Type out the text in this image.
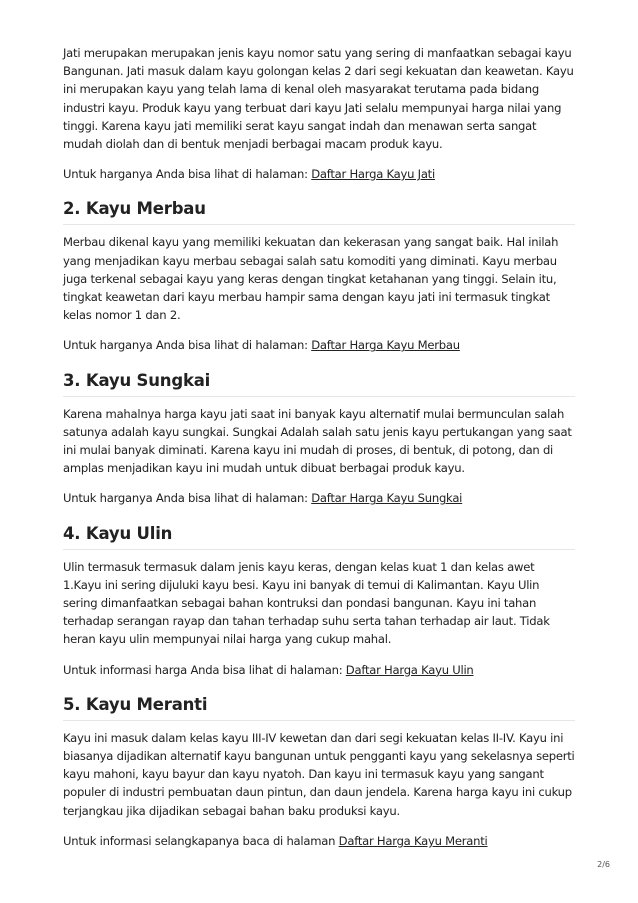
Jati merupakan merupakan jenis kayu nomor satu yang sering di manfaatkan sebagai kayu Bangunan. Jati masuk dalam kayu golongan kelas 2 dari segi kekuatan dan keawetan. Kayu ini merupakan kayu yang telah lama di kenal oleh masyarakat terutama pada bidang industri kayu. Produk kayu yang terbuat dari kayu Jati selalu mempunyai harga nilai yang tinggi. Karena kayu jati memiliki serat kayu sangat indah dan menawan serta sangat mudah diolah dan di bentuk menjadi berbagai macam produk kayu.

Untuk harganya Anda bisa lihat di halaman: Daftar Harga Kayu Jati

2. Kayu Merbau

Merbau dikenal kayu yang memiliki kekuatan dan kekerasan yang sangat baik. Hal inilah yang menjadikan kayu merbau sebagai salah satu komoditi yang diminati. Kayu merbau juga terkenal sebagai kayu yang keras dengan tingkat ketahanan yang tinggi. Selain itu, tingkat keawetan dari kayu merbau hampir sama dengan kayu jati ini termasuk tingkat kelas nomor 1 dan 2.

Untuk harganya Anda bisa lihat di halaman: Daftar Harga Kayu Merbau

3. Kayu Sungkai

Karena mahalnya harga kayu jati saat ini banyak kayu alternatif mulai bermunculan salah satunya adalah kayu sungkai. Sungkai Adalah salah satu jenis kayu pertukangan yang saat ini mulai banyak diminati. Karena kayu ini mudah di proses, di bentuk, di potong, dan di amplas menjadikan kayu ini mudah untuk dibuat berbagai produk kayu.

Untuk harganya Anda bisa lihat di halaman: Daftar Harga Kayu Sungkai

4. Kayu Ulin

Ulin termasuk termasuk dalam jenis kayu keras, dengan kelas kuat 1 dan kelas awet 1.Kayu ini sering dijuluki kayu besi. Kayu ini banyak di temui di Kalimantan. Kayu Ulin sering dimanfaatkan sebagai bahan kontruksi dan pondasi bangunan. Kayu ini tahan terhadap serangan rayap dan tahan terhadap suhu serta tahan terhadap air laut. Tidak heran kayu ulin mempunyai nilai harga yang cukup mahal.

Untuk informasi harga Anda bisa lihat di halaman: Daftar Harga Kayu Ulin

5. Kayu Meranti

Kayu ini masuk dalam kelas kayu III-IV kewetan dan dari segi kekuatan kelas II-IV. Kayu ini biasanya dijadikan alternatif kayu bangunan untuk pengganti kayu yang sekelasnya seperti kayu mahoni, kayu bayur dan kayu nyatoh. Dan kayu ini termasuk kayu yang sangant populer di industri pembuatan daun pintun, dan daun jendela. Karena harga kayu ini cukup terjangkau jika dijadikan sebagai bahan baku produksi kayu.

Untuk informasi selangkapanya baca di halaman Daftar Harga Kayu Meranti

2/6
